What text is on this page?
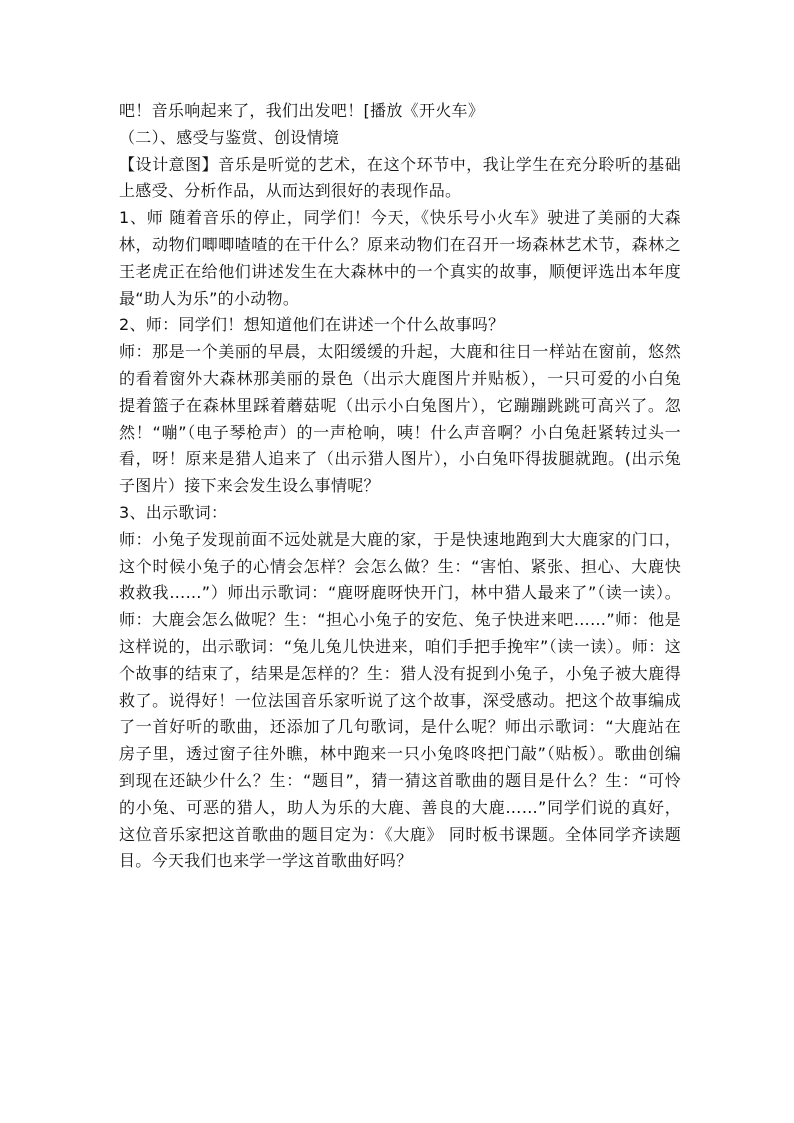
吧！音乐响起来了，我们出发吧！[播放《开火车》

（二）、感受与鉴赏、创设情境

【设计意图】音乐是听觉的艺术，在这个环节中，我让学生在充分聆听的基础上感受、分析作品，从而达到很好的表现作品。

1、师 随着音乐的停止，同学们！今天，《快乐号小火车》驶进了美丽的大森林，动物们唧唧喳喳的在干什么？原来动物们在召开一场森林艺术节，森林之王老虎正在给他们讲述发生在大森林中的一个真实的故事，顺便评选出本年度最“助人为乐”的小动物。

2、师：同学们！想知道他们在讲述一个什么故事吗？

师：那是一个美丽的早晨，太阳缓缓的升起，大鹿和往日一样站在窗前，悠然的看着窗外大森林那美丽的景色（出示大鹿图片并贴板），一只可爱的小白兔提着篮子在森林里踩着蘑菇呢（出示小白兔图片），它蹦蹦跳跳可高兴了。忽然！“嘣”（电子琴枪声）的一声枪响，咦！什么声音啊？小白兔赶紧转过头一看，呀！原来是猎人追来了（出示猎人图片），小白兔吓得拔腿就跑。(出示兔子图片）接下来会发生设么事情呢？

3、出示歌词：

师：小兔子发现前面不远处就是大鹿的家，于是快速地跑到大大鹿家的门口，这个时候小兔子的心情会怎样？会怎么做？生：“害怕、紧张、担心、大鹿快救救我……”）师出示歌词：“鹿呀鹿呀快开门，林中猎人最来了”（读一读）。师：大鹿会怎么做呢？生：“担心小兔子的安危、兔子快进来吧……”师：他是这样说的，出示歌词：“兔儿兔儿快进来，咱们手把手挽牢”（读一读）。师：这个故事的结束了，结果是怎样的？生：猎人没有捉到小兔子，小兔子被大鹿得救了。说得好！一位法国音乐家听说了这个故事，深受感动。把这个故事编成了一首好听的歌曲，还添加了几句歌词，是什么呢？师出示歌词：“大鹿站在房子里，透过窗子往外瞧，林中跑来一只小兔咚咚把门敲”（贴板）。歌曲创编到现在还缺少什么？生：“题目”，猜一猜这首歌曲的题目是什么？生：“可怜的小兔、可恶的猎人，助人为乐的大鹿、善良的大鹿……”同学们说的真好，这位音乐家把这首歌曲的题目定为：《大鹿》 同时板书课题。全体同学齐读题目。今天我们也来学一学这首歌曲好吗？
